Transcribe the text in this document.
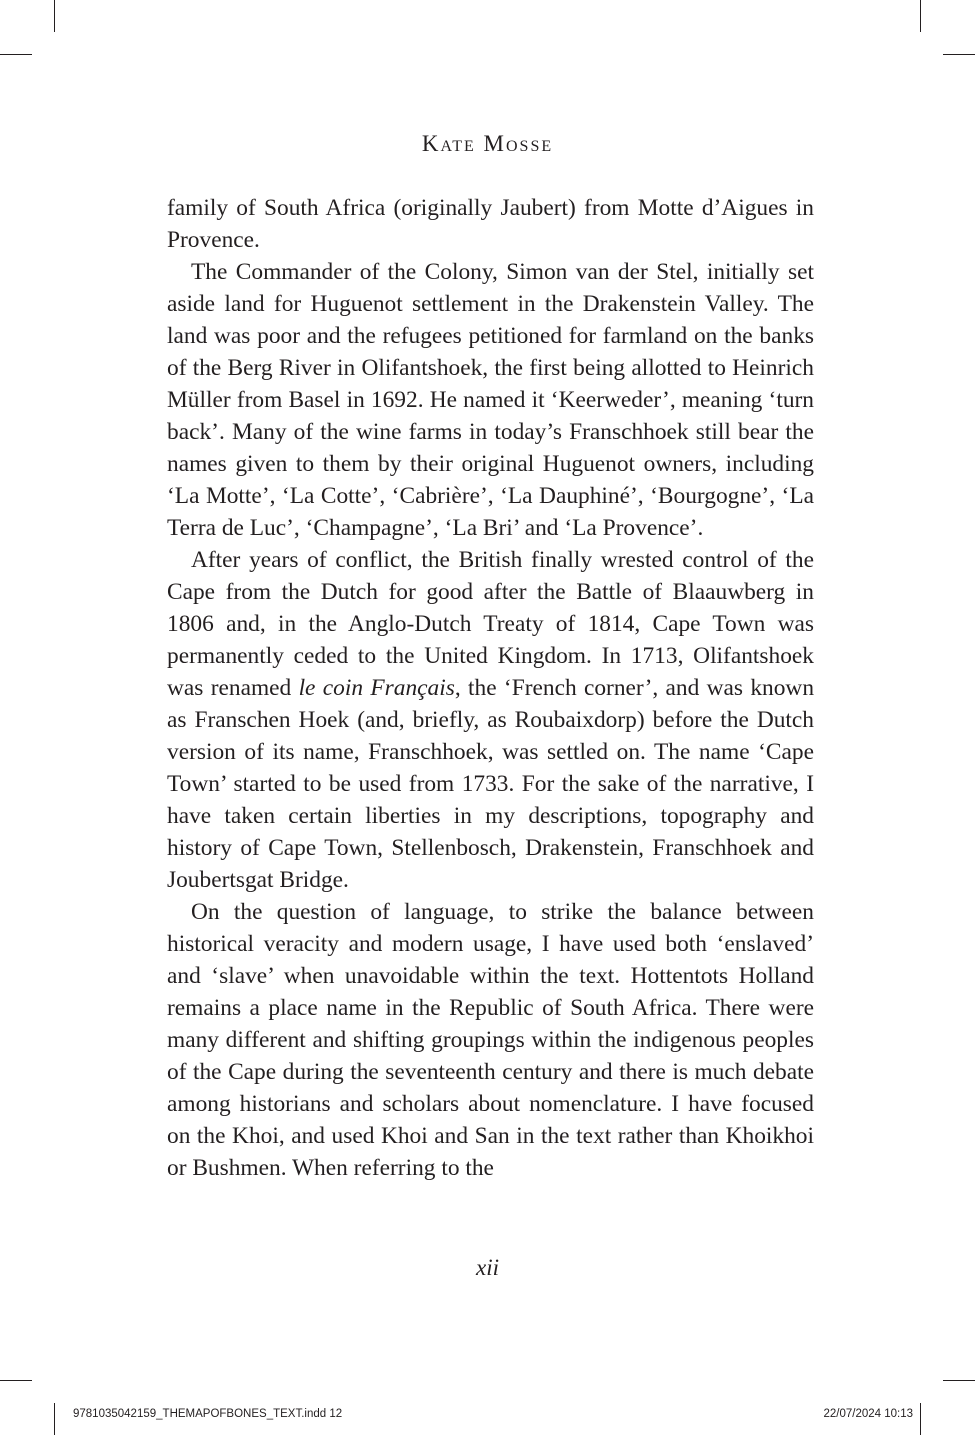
Kate Mosse

family of South Africa (originally Jaubert) from Motte d’Aigues in Provence.

The Commander of the Colony, Simon van der Stel, initially set aside land for Huguenot settlement in the Drakenstein Valley. The land was poor and the refugees petitioned for farmland on the banks of the Berg River in Olifantshoek, the first being allotted to Heinrich Müller from Basel in 1692. He named it ‘Keerweder’, meaning ‘turn back’. Many of the wine farms in today’s Franschhoek still bear the names given to them by their original Huguenot owners, including ‘La Motte’, ‘La Cotte’, ‘Cabrière’, ‘La Dauphiné’, ‘Bourgogne’, ‘La Terra de Luc’, ‘Champagne’, ‘La Bri’ and ‘La Provence’.

After years of conflict, the British finally wrested control of the Cape from the Dutch for good after the Battle of Blaauwberg in 1806 and, in the Anglo-Dutch Treaty of 1814, Cape Town was permanently ceded to the United Kingdom. In 1713, Olifantshoek was renamed le coin Français, the ‘French corner’, and was known as Franschen Hoek (and, briefly, as Roubaixdorp) before the Dutch version of its name, Franschhoek, was settled on. The name ‘Cape Town’ started to be used from 1733. For the sake of the narrative, I have taken certain liberties in my descriptions, topography and history of Cape Town, Stellenbosch, Drakenstein, Franschhoek and Joubertsgat Bridge.

On the question of language, to strike the balance between historical veracity and modern usage, I have used both ‘enslaved’ and ‘slave’ when unavoidable within the text. Hottentots Holland remains a place name in the Republic of South Africa. There were many different and shifting groupings within the indigenous peoples of the Cape during the seventeenth century and there is much debate among historians and scholars about nomenclature. I have focused on the Khoi, and used Khoi and San in the text rather than Khoikhoi or Bushmen. When referring to the

xii
9781035042159_THEMAPOFBONES_TEXT.indd 12	22/07/2024 10:13
